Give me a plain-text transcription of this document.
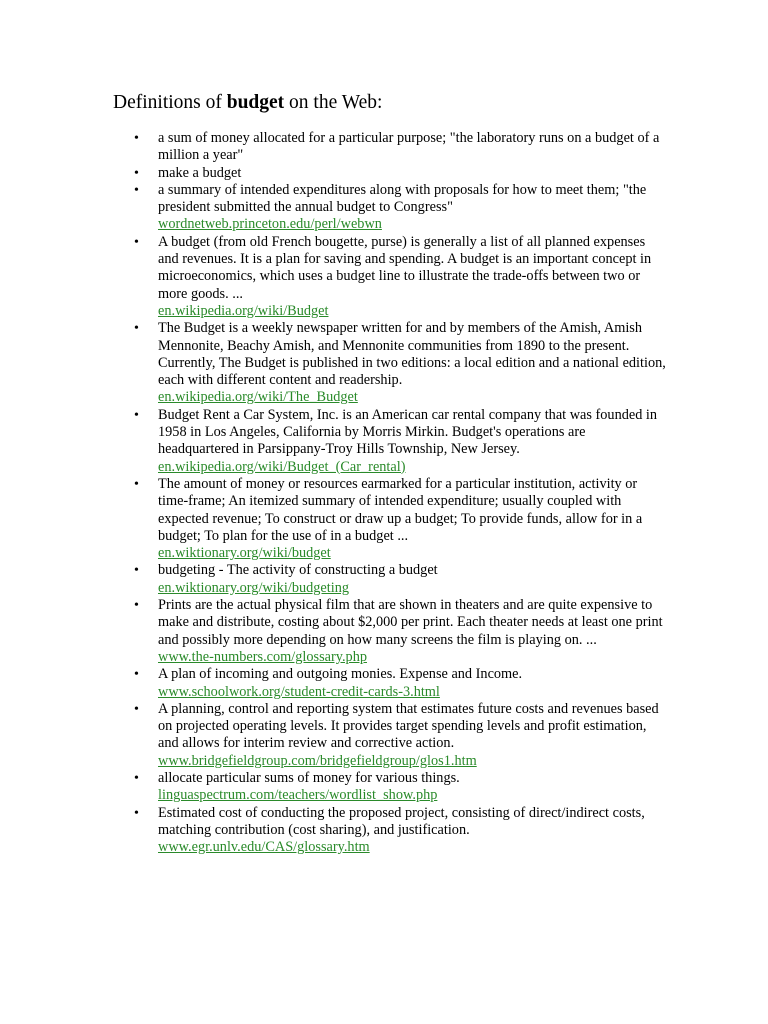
Definitions of budget on the Web:
• a sum of money allocated for a particular purpose; "the laboratory runs on a budget of a million a year"
• make a budget
• a summary of intended expenditures along with proposals for how to meet them; "the president submitted the annual budget to Congress"
wordnetweb.princeton.edu/perl/webwn
• A budget (from old French bougette, purse) is generally a list of all planned expenses and revenues. It is a plan for saving and spending. A budget is an important concept in microeconomics, which uses a budget line to illustrate the trade-offs between two or more goods. ...
en.wikipedia.org/wiki/Budget
• The Budget is a weekly newspaper written for and by members of the Amish, Amish Mennonite, Beachy Amish, and Mennonite communities from 1890 to the present. Currently, The Budget is published in two editions: a local edition and a national edition, each with different content and readership.
en.wikipedia.org/wiki/The_Budget
• Budget Rent a Car System, Inc. is an American car rental company that was founded in 1958 in Los Angeles, California by Morris Mirkin. Budget's operations are headquartered in Parsippany-Troy Hills Township, New Jersey.
en.wikipedia.org/wiki/Budget_(Car_rental)
• The amount of money or resources earmarked for a particular institution, activity or time-frame; An itemized summary of intended expenditure; usually coupled with expected revenue; To construct or draw up a budget; To provide funds, allow for in a budget; To plan for the use of in a budget ...
en.wiktionary.org/wiki/budget
• budgeting - The activity of constructing a budget
en.wiktionary.org/wiki/budgeting
• Prints are the actual physical film that are shown in theaters and are quite expensive to make and distribute, costing about $2,000 per print. Each theater needs at least one print and possibly more depending on how many screens the film is playing on. ...
www.the-numbers.com/glossary.php
• A plan of incoming and outgoing monies. Expense and Income.
www.schoolwork.org/student-credit-cards-3.html
• A planning, control and reporting system that estimates future costs and revenues based on projected operating levels. It provides target spending levels and profit estimation, and allows for interim review and corrective action.
www.bridgefieldgroup.com/bridgefieldgroup/glos1.htm
• allocate particular sums of money for various things.
linguaspectrum.com/teachers/wordlist_show.php
• Estimated cost of conducting the proposed project, consisting of direct/indirect costs, matching contribution (cost sharing), and justification.
www.egr.unlv.edu/CAS/glossary.htm
